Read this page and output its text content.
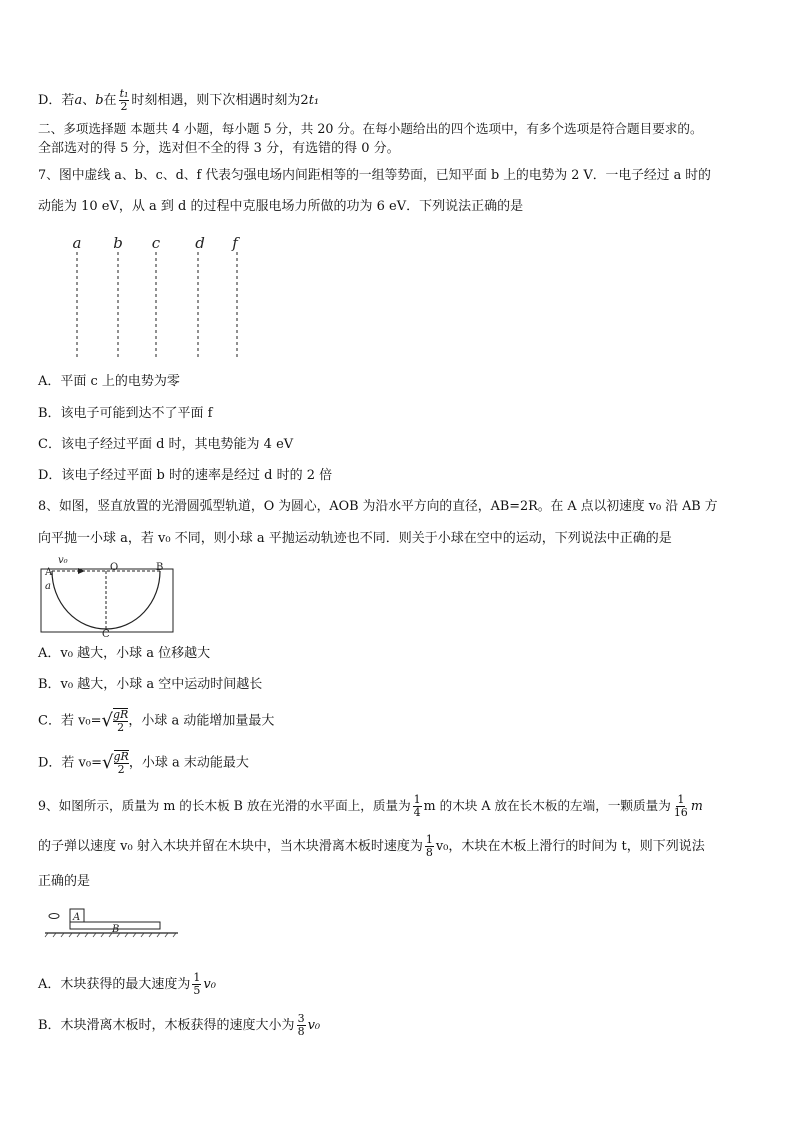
D．若a、b在 $\frac{\text{t₁}}{2}$ 时刻相遇，则下次相遇时刻为2t₁
二、多项选择题 本题共 4 小题，每小题 5 分，共 20 分。在每小题给出的四个选项中，有多个选项是符合题目要求的。
全部选对的得 5 分，选对但不全的得 3 分，有选错的得 0 分。
7、图中虚线 a、b、c、d、f 代表匀强电场内间距相等的一组等势面，已知平面 b 上的电势为 2 V．一电子经过 a 时的
动能为 10 eV，从 a 到 d 的过程中克服电场力所做的功为 6 eV．下列说法正确的是
a b c d f
A．平面 c 上的电势为零
B．该电子可能到达不了平面 f
C．该电子经过平面 d 时，其电势能为 4 eV
D．该电子经过平面 b 时的速率是经过 d 时的 2 倍
8、如图，竖直放置的光滑圆弧型轨道，O 为圆心，AOB 为沿水平方向的直径，AB=2R。在 A 点以初速度 v₀ 沿 AB 方
向平抛一小球 a，若 v₀ 不同，则小球 a 平抛运动轨迹也不同．则关于小球在空中的运动，下列说法中正确的是
v₀
A	O	B
a
C
A．v₀ 越大，小球 a 位移越大
B．v₀ 越大，小球 a 空中运动时间越长
C．若 v₀= √ $\frac{gR}{2}$ ，小球 a 动能增加量最大
D．若 v₀= √ $\frac{gR}{2}$ ，小球 a 末动能最大
9、如图所示，质量为 m 的长木板 B 放在光滑的水平面上，质量为 $\frac{1}{4}$ m 的木块 A 放在长木板的左端，一颗质量为 $\frac{1}{16}$ m
的子弹以速度 v₀ 射入木块并留在木块中，当木块滑离木板时速度为 $\frac{1}{8} v_0$，木块在木板上滑行的时间为 t，则下列说法
正确的是
A
B
A．木块获得的最大速度为 $\frac{1}{5} v_0$
B．木块滑离木板时，木板获得的速度大小为 $\frac{3}{8} v_0$
